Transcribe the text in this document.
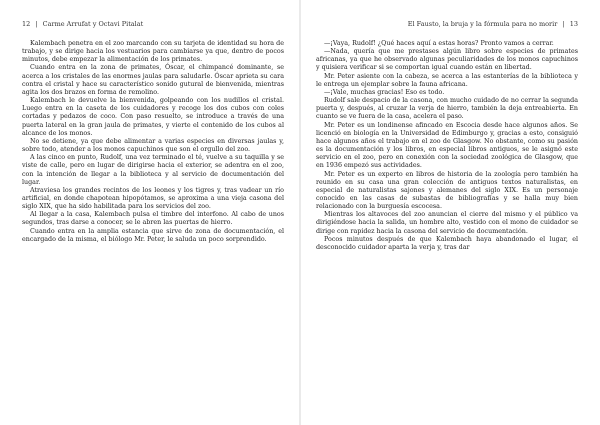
12 | Carme Arrufat y Octavi Pitalat

Kalembach penetra en el zoo marcando con su tarjeta de identidad su hora de trabajo, y se dirige hacia los vestuarios para cambiarse ya que, dentro de pocos minutos, debe empezar la alimentación de los primates.

Cuando entra en la zona de primates, Óscar, el chimpancé dominante, se acerca a los cristales de las enormes jaulas para saludarle. Óscar aprieta su cara contra el cristal y hace su característico sonido gutural de bienvenida, mientras agita los dos brazos en forma de remolino.

Kalembach le devuelve la bienvenida, golpeando con los nudillos el cristal. Luego entra en la caseta de los cuidadores y recoge los dos cubos con coles cortadas y pedazos de coco. Con paso resuelto, se introduce a través de una puerta lateral en la gran jaula de primates, y vierte el contenido de los cubos al alcance de los monos.

No se detiene, ya que debe alimentar a varias especies en diversas jaulas y, sobre todo, atender a los monos capuchinos que son el orgullo del zoo.

A las cinco en punto, Rudolf, una vez terminado el té, vuelve a su taquilla y se viste de calle, pero en lugar de dirigirse hacia el exterior, se adentra en el zoo, con la intención de llegar a la biblioteca y al servicio de documentación del lugar.

Atraviesa los grandes recintos de los leones y los tigres y, tras vadear un río artificial, en donde chapotean hipopótamos, se aproxima a una vieja casona del siglo XIX, que ha sido habilitada para los servicios del zoo.

Al llegar a la casa, Kalembach pulsa el timbre del interfono. Al cabo de unos segundos, tras darse a conocer, se le abren las puertas de hierro.

Cuando entra en la amplia estancia que sirve de zona de documentación, el encargado de la misma, el biólogo Mr. Peter, le saluda un poco sorprendido.

El Fausto, la bruja y la fórmula para no morir | 13

—¡Vaya, Rudolf! ¿Qué haces aquí a estas horas? Pronto vamos a cerrar.

—Nada, quería que me prestases algún libro sobre especies de primates africanas, ya que he observado algunas peculiaridades de los monos capuchinos y quisiera verificar si se comportan igual cuando están en libertad.

Mr. Peter asiente con la cabeza, se acerca a las estanterías de la biblioteca y le entrega un ejemplar sobre la fauna africana.

—¡Vale, muchas gracias! Eso es todo.

Rudolf sale despacio de la casona, con mucho cuidado de no cerrar la segunda puerta y, después, al cruzar la verja de hierro, también la deja entreabierta. En cuanto se ve fuera de la casa, acelera el paso.

Mr. Peter es un londinense afincado en Escocia desde hace algunos años. Se licenció en biología en la Universidad de Edimburgo y, gracias a esto, consiguió hace algunos años el trabajo en el zoo de Glasgow. No obstante, como su pasión es la documentación y los libros, en especial libros antiguos, se le asignó este servicio en el zoo, pero en conexión con la sociedad zoológica de Glasgow, que en 1936 empezó sus actividades.

Mr. Peter es un experto en libros de historia de la zoología pero también ha reunido en su casa una gran colección de antiguos textos naturalistas, en especial de naturalistas sajones y alemanes del siglo XIX. Es un personaje conocido en las casas de subastas de bibliografías y se halla muy bien relacionado con la burguesía escocesa.

Mientras los altavoces del zoo anuncian el cierre del mismo y el público va dirigiéndose hacia la salida, un hombre alto, vestido con el mono de cuidador se dirige con rapidez hacia la casona del servicio de documentación.

Pocos minutos después de que Kalembach haya abandonado el lugar, el desconocido cuidador aparta la verja y, tras dar
